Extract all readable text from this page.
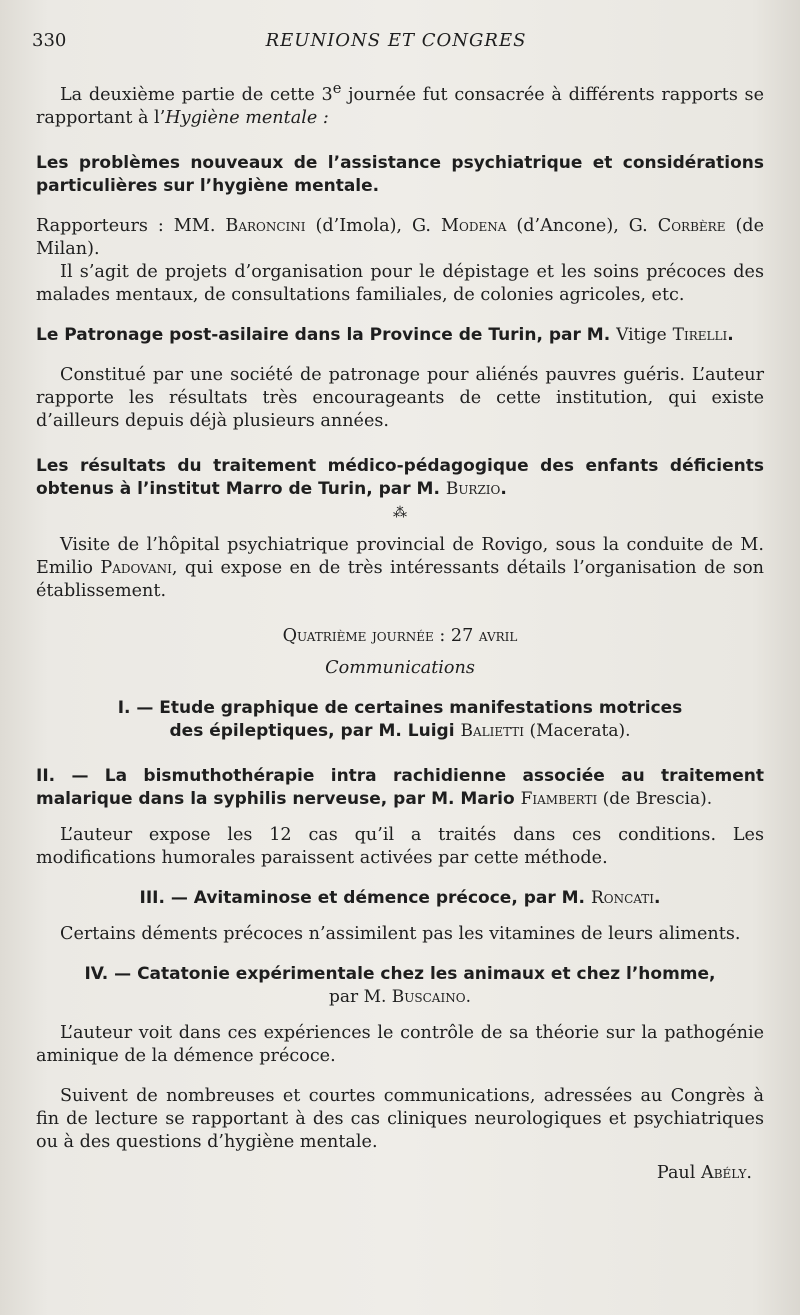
330	REUNIONS ET CONGRES

La deuxième partie de cette 3e journée fut consacrée à différents rapports se rapportant à l’Hygiène mentale :

Les problèmes nouveaux de l’assistance psychiatrique et considérations particulières sur l’hygiène mentale.

Rapporteurs : MM. Baroncini (d’Imola), G. Modena (d’Ancone), G. Corbère (de Milan).

Il s’agit de projets d’organisation pour le dépistage et les soins précoces des malades mentaux, de consultations familiales, de colonies agricoles, etc.

Le Patronage post-asilaire dans la Province de Turin, par M. Vitige Tirelli.

Constitué par une société de patronage pour aliénés pauvres guéris. L’auteur rapporte les résultats très encourageants de cette institution, qui existe d’ailleurs depuis déjà plusieurs années.

Les résultats du traitement médico-pédagogique des enfants déficients obtenus à l’institut Marro de Turin, par M. Burzio.

⁂

Visite de l’hôpital psychiatrique provincial de Rovigo, sous la conduite de M. Emilio Padovani, qui expose en de très intéressants détails l’organisation de son établissement.

Quatrième journée : 27 avril

Communications

I. — Etude graphique de certaines manifestations motrices
des épileptiques, par M. Luigi Balietti (Macerata).

II. — La bismuthothérapie intra rachidienne associée au traitement malarique dans la syphilis nerveuse, par M. Mario Fiamberti (de Brescia).

L’auteur expose les 12 cas qu’il a traités dans ces conditions. Les modifications humorales paraissent activées par cette méthode.

III. — Avitaminose et démence précoce, par M. Roncati.

Certains déments précoces n’assimilent pas les vitamines de leurs aliments.

IV. — Catatonie expérimentale chez les animaux et chez l’homme,
par M. Buscaino.

L’auteur voit dans ces expériences le contrôle de sa théorie sur la pathogénie aminique de la démence précoce.

Suivent de nombreuses et courtes communications, adressées au Congrès à fin de lecture se rapportant à des cas cliniques neurologiques et psychiatriques ou à des questions d’hygiène mentale.

Paul Abély.
